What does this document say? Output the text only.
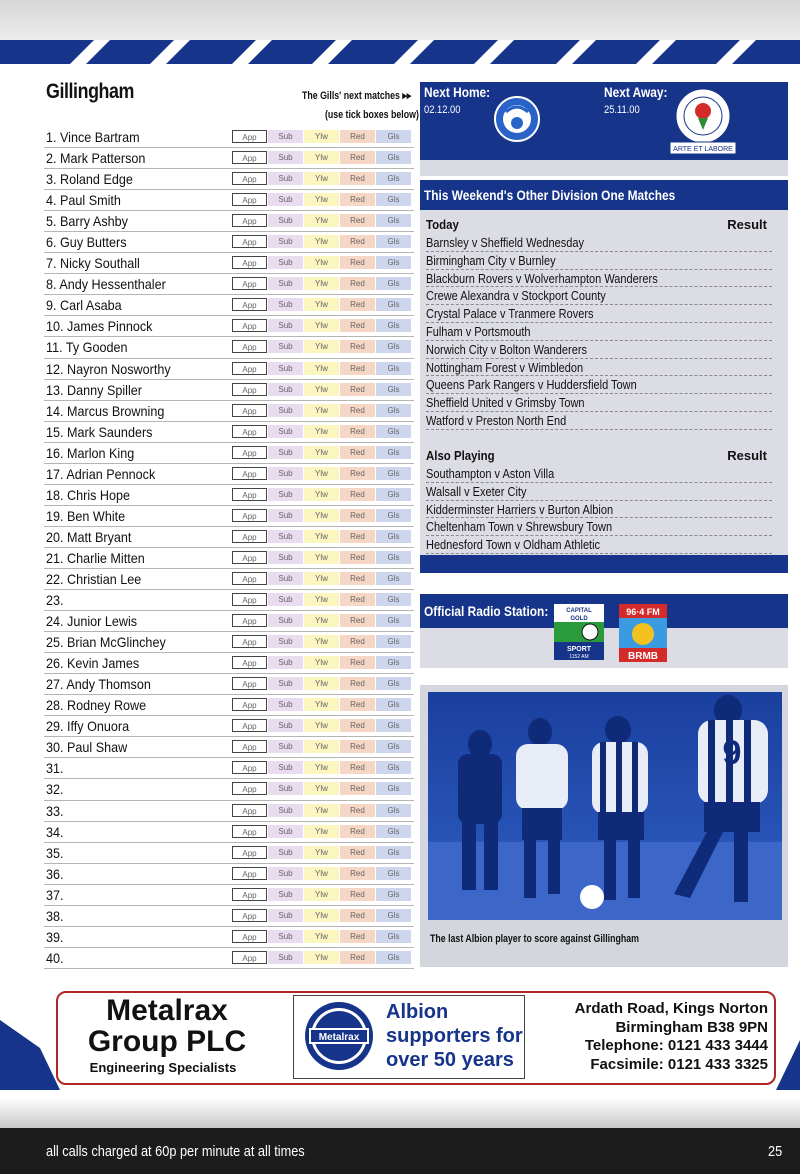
Gillingham	The Gills' next matches ▸▸
(use tick boxes below)
1. Vince Bartram	App	Sub	Ylw	Red	Gls
2. Mark Patterson	App	Sub	Ylw	Red	Gls
3. Roland Edge	App	Sub	Ylw	Red	Gls
4. Paul Smith	App	Sub	Ylw	Red	Gls
5. Barry Ashby	App	Sub	Ylw	Red	Gls
6. Guy Butters	App	Sub	Ylw	Red	Gls
7. Nicky Southall	App	Sub	Ylw	Red	Gls
8. Andy Hessenthaler	App	Sub	Ylw	Red	Gls
9. Carl Asaba	App	Sub	Ylw	Red	Gls
10. James Pinnock	App	Sub	Ylw	Red	Gls
11. Ty Gooden	App	Sub	Ylw	Red	Gls
12. Nayron Nosworthy	App	Sub	Ylw	Red	Gls
13. Danny Spiller	App	Sub	Ylw	Red	Gls
14. Marcus Browning	App	Sub	Ylw	Red	Gls
15. Mark Saunders	App	Sub	Ylw	Red	Gls
16. Marlon King	App	Sub	Ylw	Red	Gls
17. Adrian Pennock	App	Sub	Ylw	Red	Gls
18. Chris Hope	App	Sub	Ylw	Red	Gls
19. Ben White	App	Sub	Ylw	Red	Gls
20. Matt Bryant	App	Sub	Ylw	Red	Gls
21. Charlie Mitten	App	Sub	Ylw	Red	Gls
22. Christian Lee	App	Sub	Ylw	Red	Gls
23.	App	Sub	Ylw	Red	Gls
24. Junior Lewis	App	Sub	Ylw	Red	Gls
25. Brian McGlinchey	App	Sub	Ylw	Red	Gls
26. Kevin James	App	Sub	Ylw	Red	Gls
27. Andy Thomson	App	Sub	Ylw	Red	Gls
28. Rodney Rowe	App	Sub	Ylw	Red	Gls
29. Iffy Onuora	App	Sub	Ylw	Red	Gls
30. Paul Shaw	App	Sub	Ylw	Red	Gls
31.	App	Sub	Ylw	Red	Gls
32.	App	Sub	Ylw	Red	Gls
33.	App	Sub	Ylw	Red	Gls
34.	App	Sub	Ylw	Red	Gls
35.	App	Sub	Ylw	Red	Gls
36.	App	Sub	Ylw	Red	Gls
37.	App	Sub	Ylw	Red	Gls
38.	App	Sub	Ylw	Red	Gls
39.	App	Sub	Ylw	Red	Gls
40.	App	Sub	Ylw	Red	Gls
Next Home:
02.12.00
Next Away:
25.11.00
ARTE ET LABORE
This Weekend's Other Division One Matches
Today	Result
Barnsley v Sheffield Wednesday
Birmingham City v Burnley
Blackburn Rovers v Wolverhampton Wanderers
Crewe Alexandra v Stockport County
Crystal Palace v Tranmere Rovers
Fulham v Portsmouth
Norwich City v Bolton Wanderers
Nottingham Forest v Wimbledon
Queens Park Rangers v Huddersfield Town
Sheffield United v Grimsby Town
Watford v Preston North End
Also Playing	Result
Southampton v Aston Villa
Walsall v Exeter City
Kidderminster Harriers v Burton Albion
Cheltenham Town v Shrewsbury Town
Hednesford Town v Oldham Athletic
Official Radio Station:	CAPITAL
GOLD
SPORT
1152 AM
96·4 FM
BRMB
9
The last Albion player to score against Gillingham
Metalrax
Group PLC
Engineering Specialists
Metalrax
Albion
supporters for
over 50 years
Ardath Road, Kings Norton
Birmingham B38 9PN
Telephone: 0121 433 3444
Facsimile: 0121 433 3325
all calls charged at 60p per minute at all times	25
